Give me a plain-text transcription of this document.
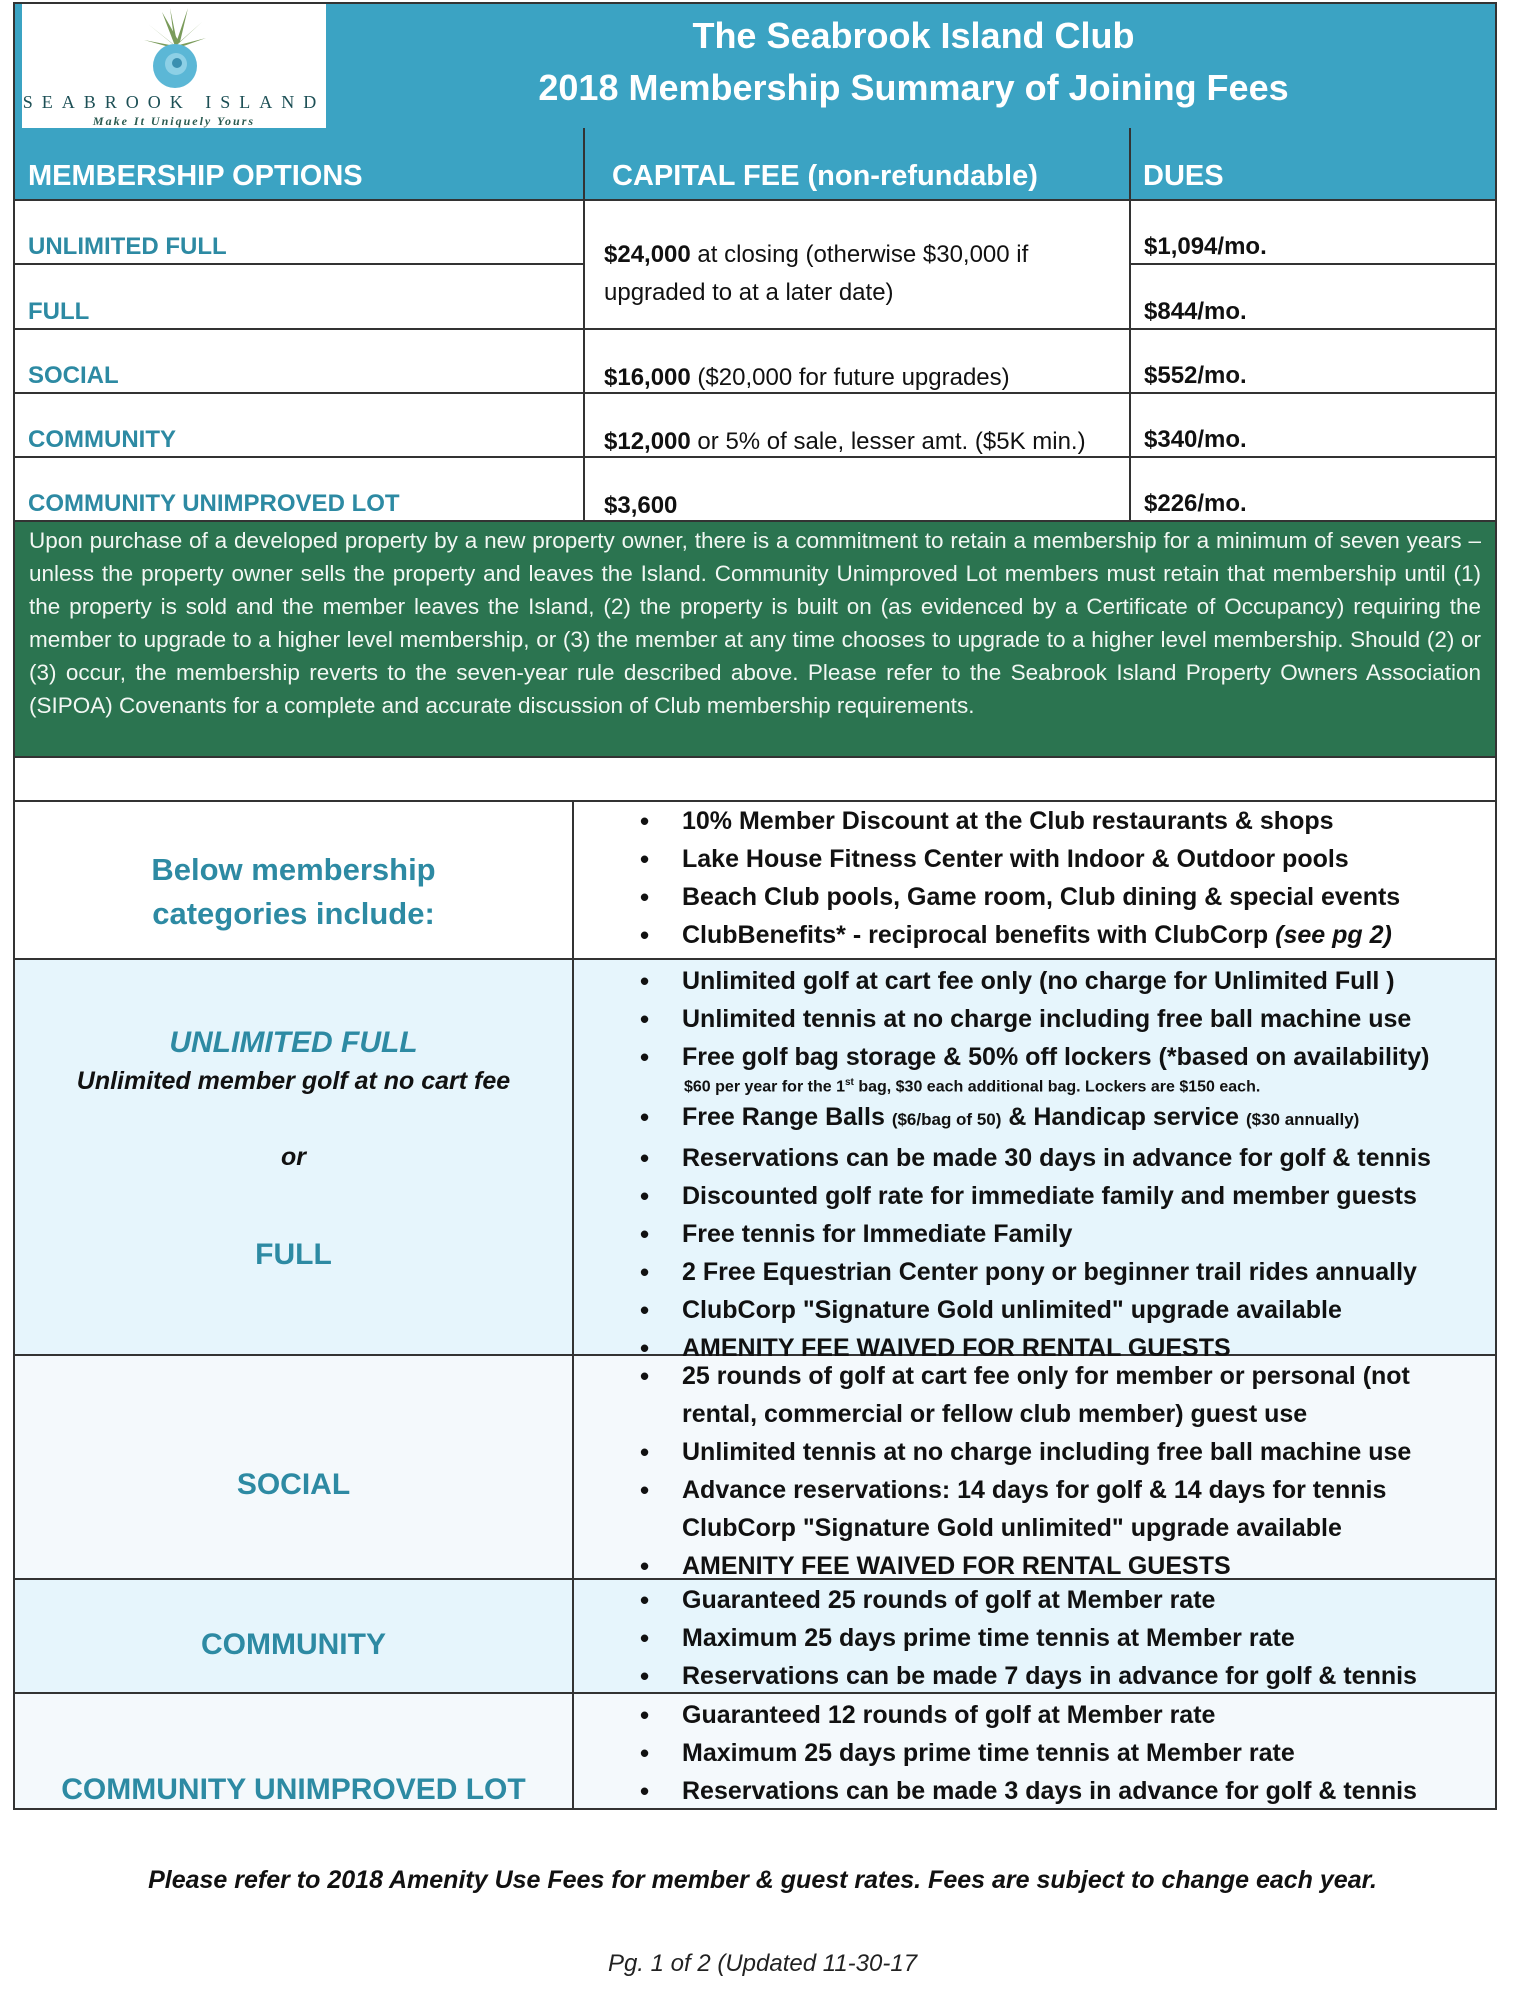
SEABROOK ISLAND
Make It Uniquely Yours
The Seabrook Island Club
2018 Membership Summary of Joining Fees
MEMBERSHIP OPTIONS	CAPITAL FEE (non-refundable)	DUES
UNLIMITED FULL
FULL
SOCIAL
COMMUNITY
COMMUNITY UNIMPROVED LOT
$24,000 at closing (otherwise $30,000 if upgraded to at a later date)
$16,000 ($20,000 for future upgrades)
$12,000 or 5% of sale, lesser amt. ($5K min.)
$3,600
$1,094/mo.
$844/mo.
$552/mo.
$340/mo.
$226/mo.
Upon purchase of a developed property by a new property owner, there is a commitment to retain a membership for a minimum of seven years – unless the property owner sells the property and leaves the Island. Community Unimproved Lot members must retain that membership until (1) the property is sold and the member leaves the Island, (2) the property is built on (as evidenced by a Certificate of Occupancy) requiring the member to upgrade to a higher level membership, or (3) the member at any time chooses to upgrade to a higher level membership. Should (2) or (3) occur, the membership reverts to the seven-year rule described above. Please refer to the Seabrook Island Property Owners Association (SIPOA) Covenants for a complete and accurate discussion of Club membership requirements.
Below membership
categories include:
• 10% Member Discount at the Club restaurants & shops
• Lake House Fitness Center with Indoor & Outdoor pools
• Beach Club pools, Game room, Club dining & special events
• ClubBenefits* - reciprocal benefits with ClubCorp (see pg 2)
UNLIMITED FULL
Unlimited member golf at no cart fee
or
FULL
• Unlimited golf at cart fee only (no charge for Unlimited Full )
• Unlimited tennis at no charge including free ball machine use
• Free golf bag storage & 50% off lockers (*based on availability)
$60 per year for the 1st bag, $30 each additional bag. Lockers are $150 each.
• Free Range Balls ($6/bag of 50) & Handicap service ($30 annually)
• Reservations can be made 30 days in advance for golf & tennis
• Discounted golf rate for immediate family and member guests
• Free tennis for Immediate Family
• 2 Free Equestrian Center pony or beginner trail rides annually
• ClubCorp "Signature Gold unlimited" upgrade available
• AMENITY FEE WAIVED FOR RENTAL GUESTS
SOCIAL
• 25 rounds of golf at cart fee only for member or personal (not
rental, commercial or fellow club member) guest use
• Unlimited tennis at no charge including free ball machine use
• Advance reservations: 14 days for golf & 14 days for tennis
ClubCorp "Signature Gold unlimited" upgrade available
• AMENITY FEE WAIVED FOR RENTAL GUESTS
COMMUNITY
• Guaranteed 25 rounds of golf at Member rate
• Maximum 25 days prime time tennis at Member rate
• Reservations can be made 7 days in advance for golf & tennis
COMMUNITY UNIMPROVED LOT
• Guaranteed 12 rounds of golf at Member rate
• Maximum 25 days prime time tennis at Member rate
• Reservations can be made 3 days in advance for golf & tennis
Please refer to 2018 Amenity Use Fees for member & guest rates. Fees are subject to change each year.
Pg. 1 of 2 (Updated 11-30-17
